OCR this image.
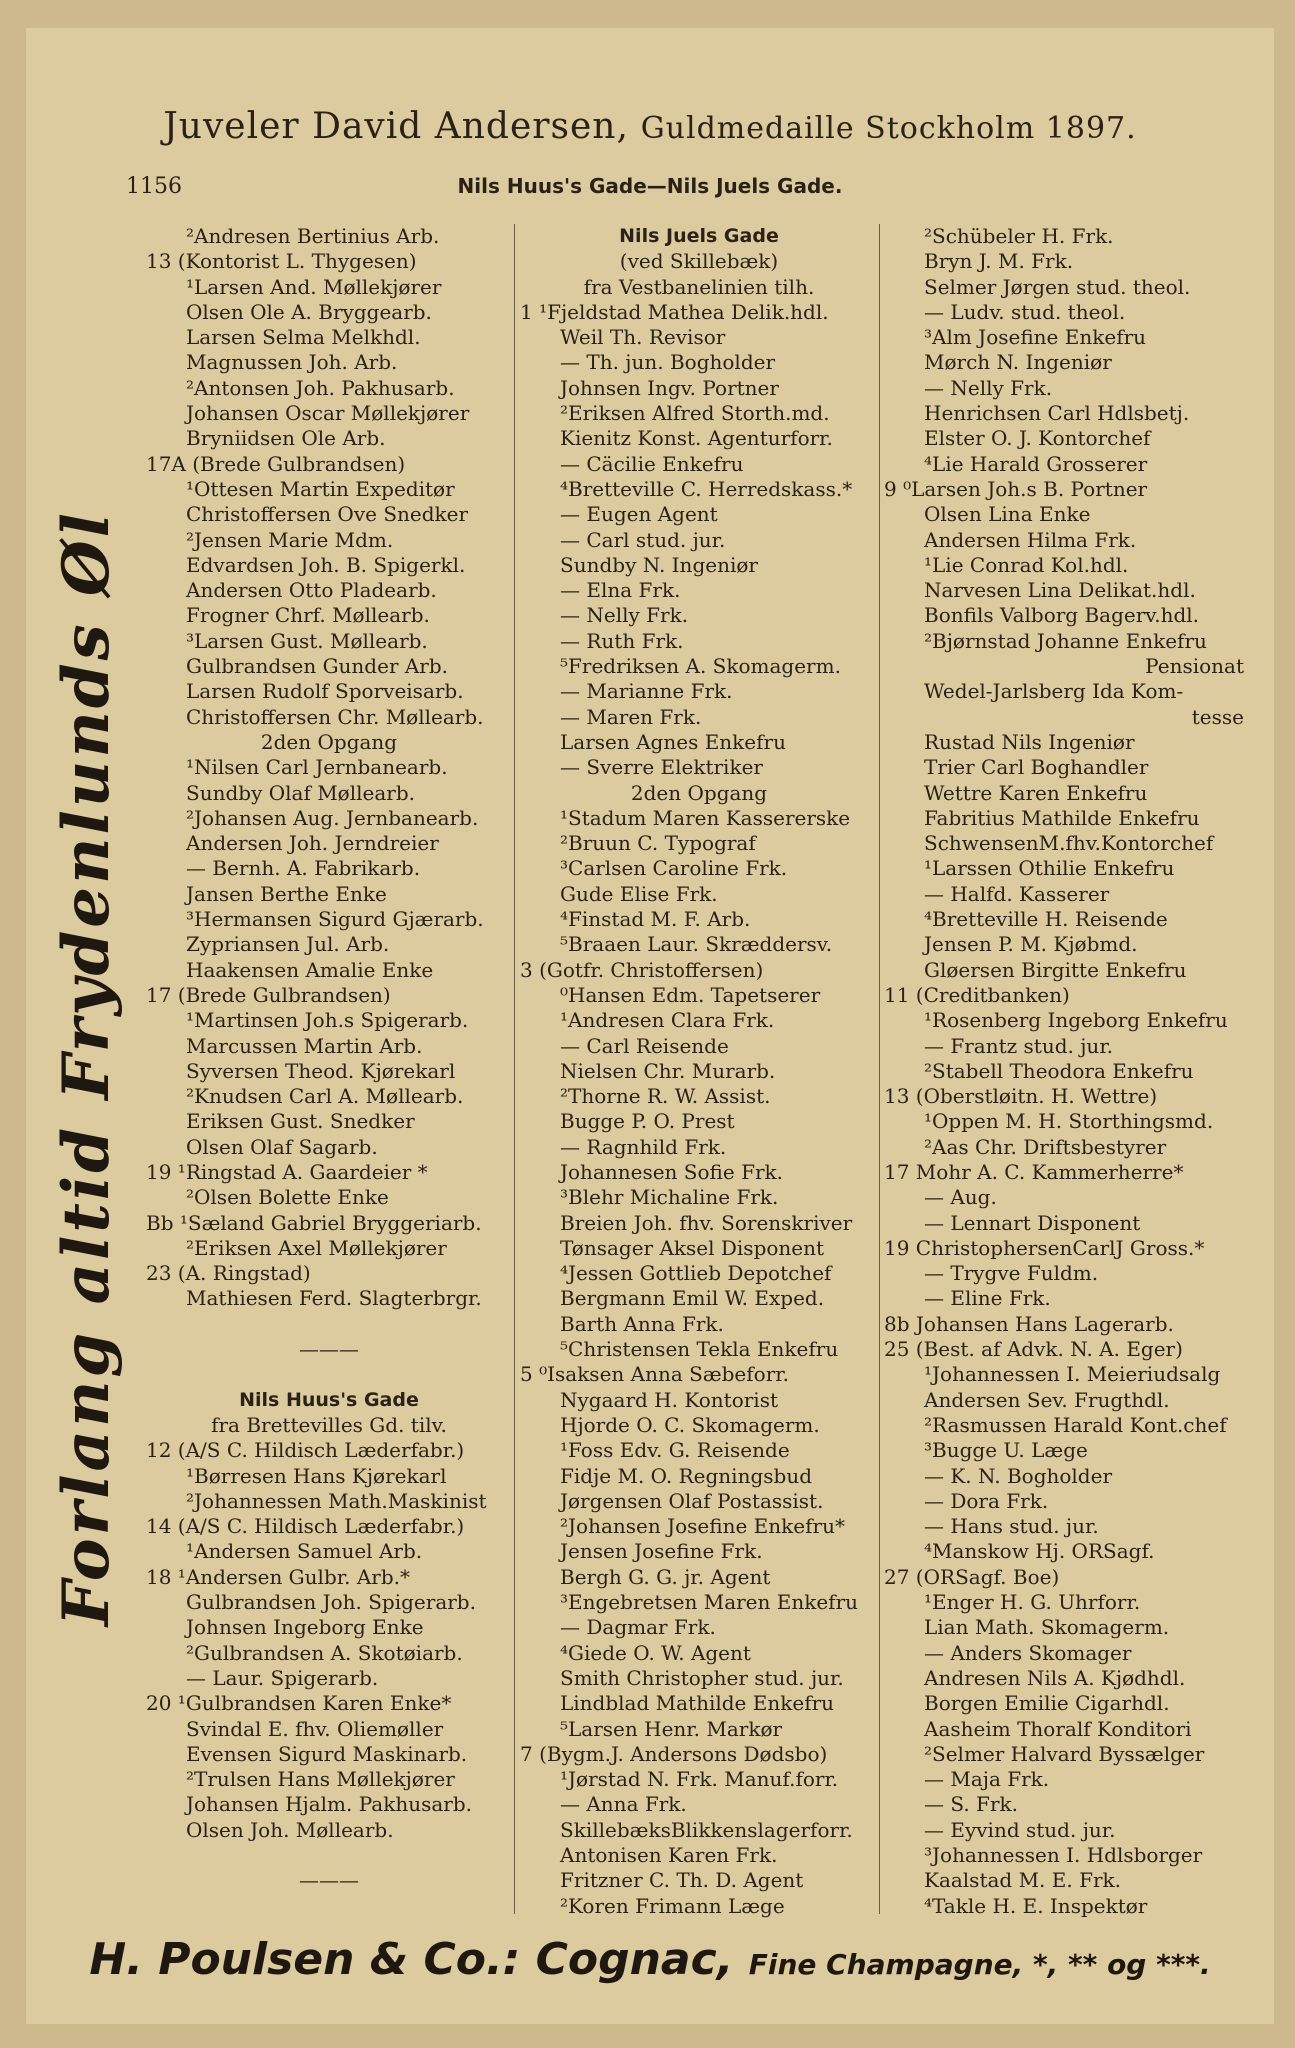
Juveler David Andersen, Guldmedaille Stockholm 1897.
1156	Nils Huus's Gade—Nils Juels Gade.
Forlang altid Frydenlunds Øl
²Andresen Bertinius Arb.
13 (Kontorist L. Thygesen)
¹Larsen And. Møllekjører
Olsen Ole A. Bryggearb.
Larsen Selma Melkhdl.
Magnussen Joh. Arb.
²Antonsen Joh. Pakhusarb.
Johansen Oscar Møllekjører
Bryniidsen Ole Arb.
17A (Brede Gulbrandsen)
¹Ottesen Martin Expeditør
Christoffersen Ove Snedker
²Jensen Marie Mdm.
Edvardsen Joh. B. Spigerkl.
Andersen Otto Pladearb.
Frogner Chrf. Møllearb.
³Larsen Gust. Møllearb.
Gulbrandsen Gunder Arb.
Larsen Rudolf Sporveisarb.
Christoffersen Chr. Møllearb.
2den Opgang
¹Nilsen Carl Jernbanearb.
Sundby Olaf Møllearb.
²Johansen Aug. Jernbanearb.
Andersen Joh. Jerndreier
— Bernh. A. Fabrikarb.
Jansen Berthe Enke
³Hermansen Sigurd Gjærarb.
Zypriansen Jul. Arb.
Haakensen Amalie Enke
17 (Brede Gulbrandsen)
¹Martinsen Joh.s Spigerarb.
Marcussen Martin Arb.
Syversen Theod. Kjørekarl
²Knudsen Carl A. Møllearb.
Eriksen Gust. Snedker
Olsen Olaf Sagarb.
19 ¹Ringstad A. Gaardeier *
²Olsen Bolette Enke
Bb ¹Sæland Gabriel Bryggeriarb.
²Eriksen Axel Møllekjører
23 (A. Ringstad)
Mathiesen Ferd. Slagterbrgr.
———
Nils Huus's Gade
fra Brettevilles Gd. tilv.
12 (A/S C. Hildisch Læderfabr.)
¹Børresen Hans Kjørekarl
²Johannessen Math.Maskinist
14 (A/S C. Hildisch Læderfabr.)
¹Andersen Samuel Arb.
18 ¹Andersen Gulbr. Arb.*
Gulbrandsen Joh. Spigerarb.
Johnsen Ingeborg Enke
²Gulbrandsen A. Skotøiarb.
— Laur. Spigerarb.
20 ¹Gulbrandsen Karen Enke*
Svindal E. fhv. Oliemøller
Evensen Sigurd Maskinarb.
²Trulsen Hans Møllekjører
Johansen Hjalm. Pakhusarb.
Olsen Joh. Møllearb.
———
Nils Juels Gade
(ved Skillebæk)
fra Vestbanelinien tilh.
1 ¹Fjeldstad Mathea Delik.hdl.
Weil Th. Revisor
— Th. jun. Bogholder
Johnsen Ingv. Portner
²Eriksen Alfred Storth.md.
Kienitz Konst. Agenturforr.
— Cäcilie Enkefru
⁴Bretteville C. Herredskass.*
— Eugen Agent
— Carl stud. jur.
Sundby N. Ingeniør
— Elna Frk.
— Nelly Frk.
— Ruth Frk.
⁵Fredriksen A. Skomagerm.
— Marianne Frk.
— Maren Frk.
Larsen Agnes Enkefru
— Sverre Elektriker
2den Opgang
¹Stadum Maren Kassererske
²Bruun C. Typograf
³Carlsen Caroline Frk.
Gude Elise Frk.
⁴Finstad M. F. Arb.
⁵Braaen Laur. Skræddersv.
3 (Gotfr. Christoffersen)
⁰Hansen Edm. Tapetserer
¹Andresen Clara Frk.
— Carl Reisende
Nielsen Chr. Murarb.
²Thorne R. W. Assist.
Bugge P. O. Prest
— Ragnhild Frk.
Johannesen Sofie Frk.
³Blehr Michaline Frk.
Breien Joh. fhv. Sorenskriver
Tønsager Aksel Disponent
⁴Jessen Gottlieb Depotchef
Bergmann Emil W. Exped.
Barth Anna Frk.
⁵Christensen Tekla Enkefru
5 ⁰Isaksen Anna Sæbeforr.
Nygaard H. Kontorist
Hjorde O. C. Skomagerm.
¹Foss Edv. G. Reisende
Fidje M. O. Regningsbud
Jørgensen Olaf Postassist.
²Johansen Josefine Enkefru*
Jensen Josefine Frk.
Bergh G. G. jr. Agent
³Engebretsen Maren Enkefru
— Dagmar Frk.
⁴Giede O. W. Agent
Smith Christopher stud. jur.
Lindblad Mathilde Enkefru
⁵Larsen Henr. Markør
7 (Bygm.J. Andersons Dødsbo)
¹Jørstad N. Frk. Manuf.forr.
— Anna Frk.
SkillebæksBlikkenslagerforr.
Antonisen Karen Frk.
Fritzner C. Th. D. Agent
²Koren Frimann Læge
²Schübeler H. Frk.
Bryn J. M. Frk.
Selmer Jørgen stud. theol.
— Ludv. stud. theol.
³Alm Josefine Enkefru
Mørch N. Ingeniør
— Nelly Frk.
Henrichsen Carl Hdlsbetj.
Elster O. J. Kontorchef
⁴Lie Harald Grosserer
9 ⁰Larsen Joh.s B. Portner
Olsen Lina Enke
Andersen Hilma Frk.
¹Lie Conrad Kol.hdl.
Narvesen Lina Delikat.hdl.
Bonfils Valborg Bagerv.hdl.
²Bjørnstad Johanne Enkefru
Pensionat
Wedel-Jarlsberg Ida Kom-
tesse
Rustad Nils Ingeniør
Trier Carl Boghandler
Wettre Karen Enkefru
Fabritius Mathilde Enkefru
SchwensenM.fhv.Kontorchef
¹Larssen Othilie Enkefru
— Halfd. Kasserer
⁴Bretteville H. Reisende
Jensen P. M. Kjøbmd.
Gløersen Birgitte Enkefru
11 (Creditbanken)
¹Rosenberg Ingeborg Enkefru
— Frantz stud. jur.
²Stabell Theodora Enkefru
13 (Oberstløitn. H. Wettre)
¹Oppen M. H. Storthingsmd.
²Aas Chr. Driftsbestyrer
17 Mohr A. C. Kammerherre*
— Aug.
— Lennart Disponent
19 ChristophersenCarlJ Gross.*
— Trygve Fuldm.
— Eline Frk.
8b Johansen Hans Lagerarb.
25 (Best. af Advk. N. A. Eger)
¹Johannessen I. Meieriudsalg
Andersen Sev. Frugthdl.
²Rasmussen Harald Kont.chef
³Bugge U. Læge
— K. N. Bogholder
— Dora Frk.
— Hans stud. jur.
⁴Manskow Hj. ORSagf.
27 (ORSagf. Boe)
¹Enger H. G. Uhrforr.
Lian Math. Skomagerm.
— Anders Skomager
Andresen Nils A. Kjødhdl.
Borgen Emilie Cigarhdl.
Aasheim Thoralf Konditori
²Selmer Halvard Byssælger
— Maja Frk.
— S. Frk.
— Eyvind stud. jur.
³Johannessen I. Hdlsborger
Kaalstad M. E. Frk.
⁴Takle H. E. Inspektør
H. Poulsen & Co.: Cognac, Fine Champagne, *, ** og ***.
